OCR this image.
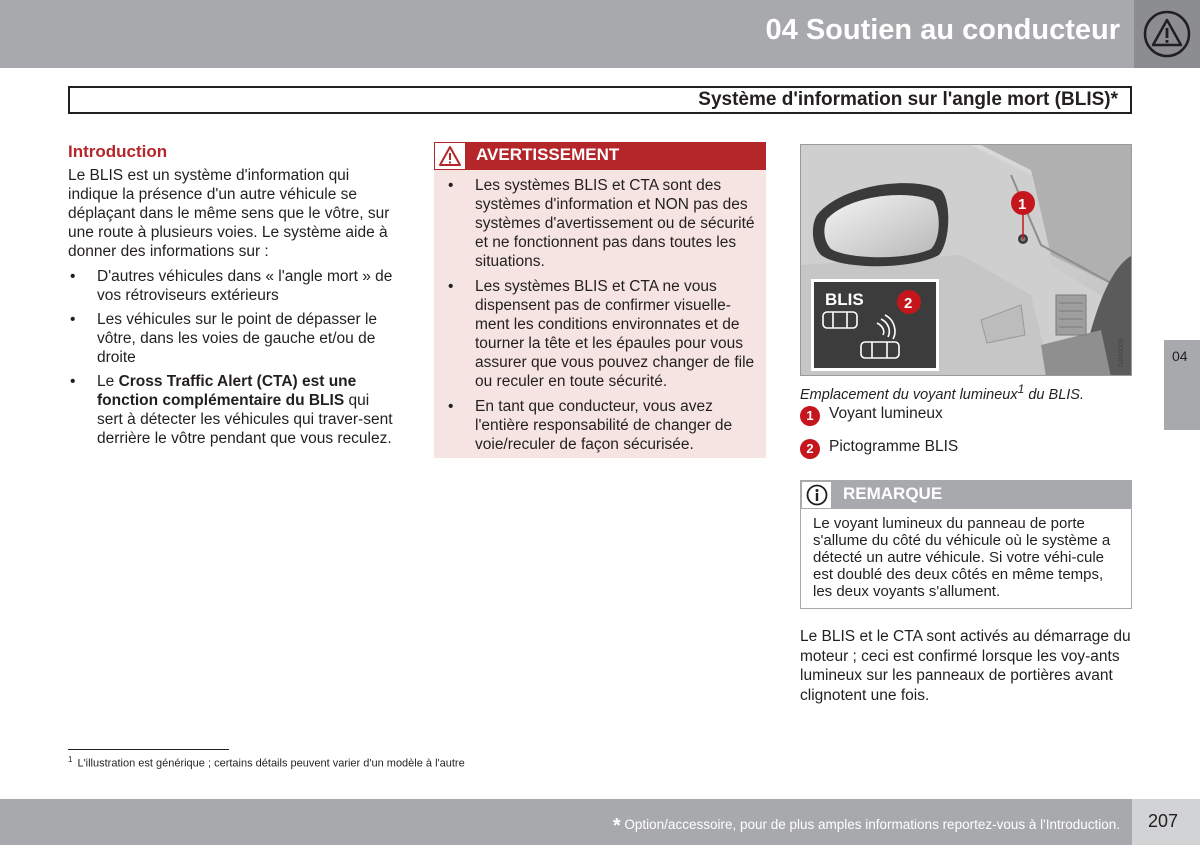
04 Soutien au conducteur
Système d'information sur l'angle mort (BLIS)*
Introduction

Le BLIS est un système d'information qui indique la présence d'un autre véhicule se déplaçant dans le même sens que le vôtre, sur une route à plusieurs voies. Le système aide à donner des informations sur :

• D'autres véhicules dans « l'angle mort » de vos rétroviseurs extérieurs
• Les véhicules sur le point de dépasser le vôtre, dans les voies de gauche et/ou de droite
• Le Cross Traffic Alert (CTA) est une fonction complémentaire du BLIS qui sert à détecter les véhicules qui traver-sent derrière le vôtre pendant que vous reculez.
AVERTISSEMENT
• Les systèmes BLIS et CTA sont des systèmes d'information et NON pas des systèmes d'avertissement ou de sécurité et ne fonctionnent pas dans toutes les situations.
• Les systèmes BLIS et CTA ne vous dispensent pas de confirmer visuelle-ment les conditions environnates et de tourner la tête et les épaules pour vous assurer que vous pouvez changer de file ou reculer en toute sécurité.
• En tant que conducteur, vous avez l'entière responsabilité de changer de voie/reculer de façon sécurisée.
BLIS
1
2
G046006
Emplacement du voyant lumineux$^1$ du BLIS.
1 Voyant lumineux
2 Pictogramme BLIS
REMARQUE
Le voyant lumineux du panneau de porte s'allume du côté du véhicule où le système a détecté un autre véhicule. Si votre véhi-cule est doublé des deux côtés en même temps, les deux voyants s'allument.

Le BLIS et le CTA sont activés au démarrage du moteur ; ceci est confirmé lorsque les voy-ants lumineux sur les panneaux de portières avant clignotent une fois.

04
$^1$ L'illustration est générique ; certains détails peuvent varier d'un modèle à l'autre
* Option/accessoire, pour de plus amples informations reportez-vous à l'Introduction. 207
